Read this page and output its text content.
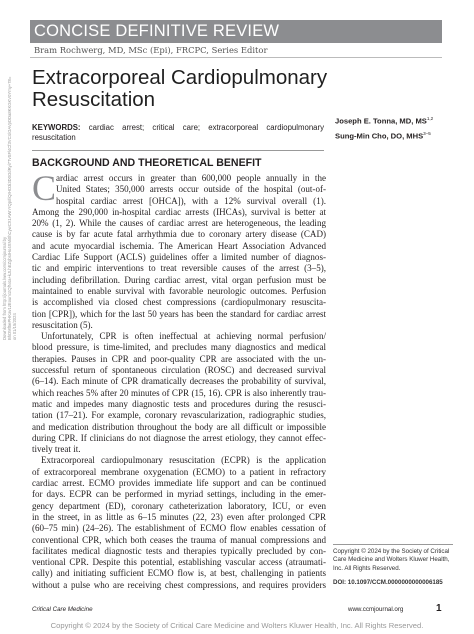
CONCISE DEFINITIVE REVIEW
Bram Rochwerg, MD, MSc (Epi), FRCPC, Series Editor
Downloaded from http://journals.lww.com/ccmjournal by BhDMf5ePHKav1zEoum1tQfN4a+kJLhEZgbsIHo4XMi0hCywCX1AWnYQp/IlQrHD3i3D0OdRyi7TvSFl4Cf3VC4/OAVpDDa8KKGKV0Ymy+78= on 01/15/2024
Extracorporeal Cardiopulmonary Resuscitation
Joseph E. Tonna, MD, MS$^{1,2}$
Sung-Min Cho, DO, MHS$^{3-5}$
KEYWORDS: cardiac arrest; critical care; extracorporeal cardiopulmonary resuscitation
BACKGROUND AND THEORETICAL BENEFIT
C ardiac arrest occurs in greater than 600,000 people annually in the
United States; 350,000 arrests occur outside of the hospital (out-of-
hospital cardiac arrest [OHCA]), with a 12% survival overall (1).
Among the 290,000 in-hospital cardiac arrests (IHCAs), survival is better at
20% (1, 2). While the causes of cardiac arrest are heterogeneous, the leading
cause is by far acute fatal arrhythmia due to coronary artery disease (CAD)
and acute myocardial ischemia. The American Heart Association Advanced
Cardiac Life Support (ACLS) guidelines offer a limited number of diagnos-
tic and empiric interventions to treat reversible causes of the arrest (3–5),
including defibrillation. During cardiac arrest, vital organ perfusion must be
maintained to enable survival with favorable neurologic outcomes. Perfusion
is accomplished via closed chest compressions (cardiopulmonary resuscita-
tion [CPR]), which for the last 50 years has been the standard for cardiac arrest
resuscitation (5).
Unfortunately, CPR is often ineffectual at achieving normal perfusion/
blood pressure, is time-limited, and precludes many diagnostics and medical
therapies. Pauses in CPR and poor-quality CPR are associated with the un-
successful return of spontaneous circulation (ROSC) and decreased survival
(6–14). Each minute of CPR dramatically decreases the probability of survival,
which reaches 5% after 20 minutes of CPR (15, 16). CPR is also inherently trau-
matic and impedes many diagnostic tests and procedures during the resusci-
tation (17–21). For example, coronary revascularization, radiographic studies,
and medication distribution throughout the body are all difficult or impossible
during CPR. If clinicians do not diagnose the arrest etiology, they cannot effec-
tively treat it.
Extracorporeal cardiopulmonary resuscitation (ECPR) is the application
of extracorporeal membrane oxygenation (ECMO) to a patient in refractory
cardiac arrest. ECMO provides immediate life support and can be continued
for days. ECPR can be performed in myriad settings, including in the emer-
gency department (ED), coronary catheterization laboratory, ICU, or even
in the street, in as little as 6–15 minutes (22, 23) even after prolonged CPR
(60–75 min) (24–26). The establishment of ECMO flow enables cessation of
conventional CPR, which both ceases the trauma of manual compressions and
facilitates medical diagnostic tests and therapies typically precluded by con-
ventional CPR. Despite this potential, establishing vascular access (atraumati-
cally) and initiating sufficient ECMO flow is, at best, challenging in patients
without a pulse who are receiving chest compressions, and requires providers
Copyright © 2024 by the Society of Critical Care Medicine and Wolters Kluwer Health, Inc. All Rights Reserved.
DOI: 10.1097/CCM.0000000000006185
Critical Care Medicine	www.ccmjournal.org	1
Copyright © 2024 by the Society of Critical Care Medicine and Wolters Kluwer Health, Inc. All Rights Reserved.
